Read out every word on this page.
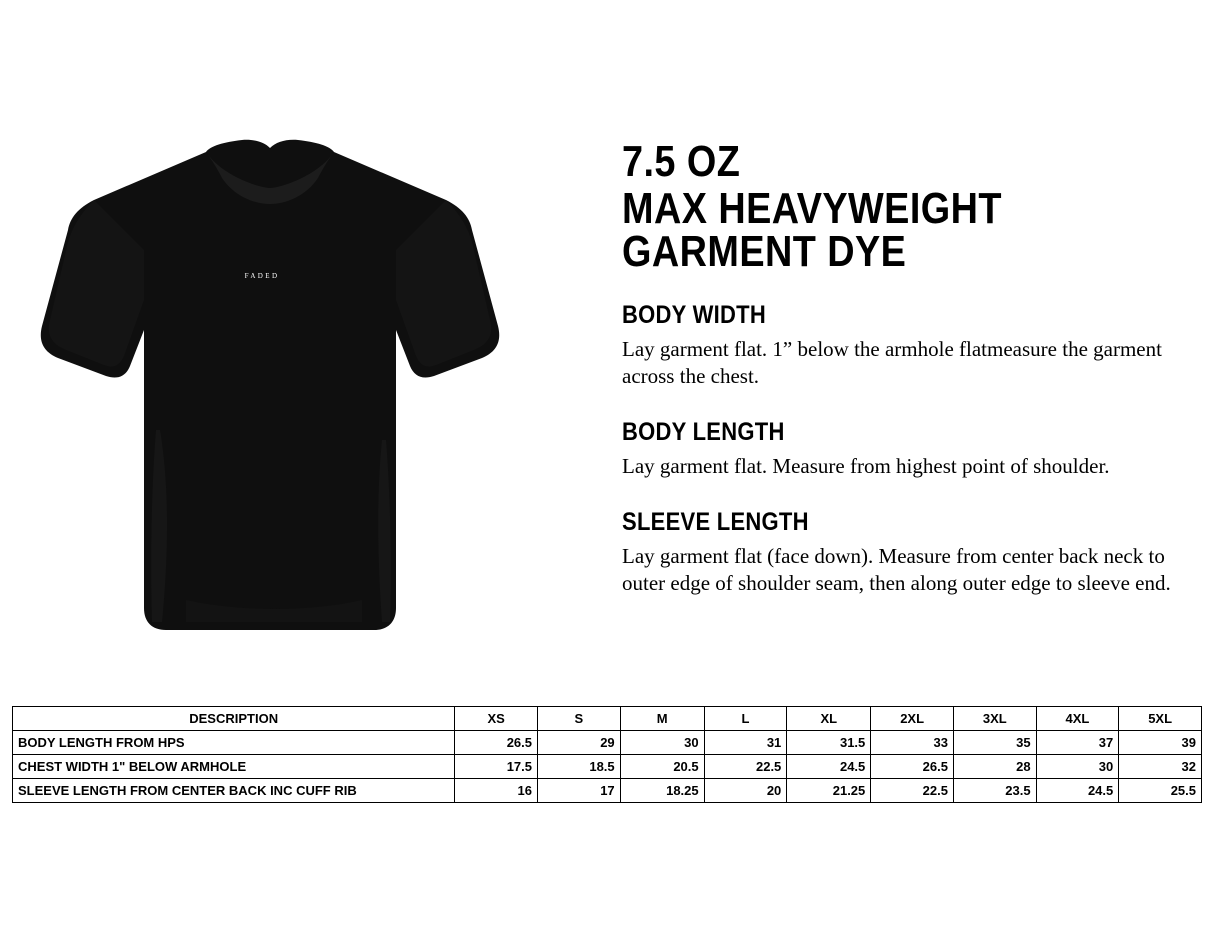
FADED
7.5 OZ
MAX HEAVYWEIGHT GARMENT DYE
BODY WIDTH
Lay garment flat. 1” below the armhole flatmeasure the garment across the chest.
BODY LENGTH
Lay garment flat. Measure from highest point of shoulder.
SLEEVE LENGTH
Lay garment flat (face down). Measure from center back neck to outer edge of shoulder seam, then along outer edge to sleeve end.
DESCRIPTION	XS	S	M	L	XL	2XL	3XL	4XL	5XL
BODY LENGTH FROM HPS	26.5	29	30	31	31.5	33	35	37	39
CHEST WIDTH 1" BELOW ARMHOLE	17.5	18.5	20.5	22.5	24.5	26.5	28	30	32
SLEEVE LENGTH FROM CENTER BACK INC CUFF RIB	16	17	18.25	20	21.25	22.5	23.5	24.5	25.5
